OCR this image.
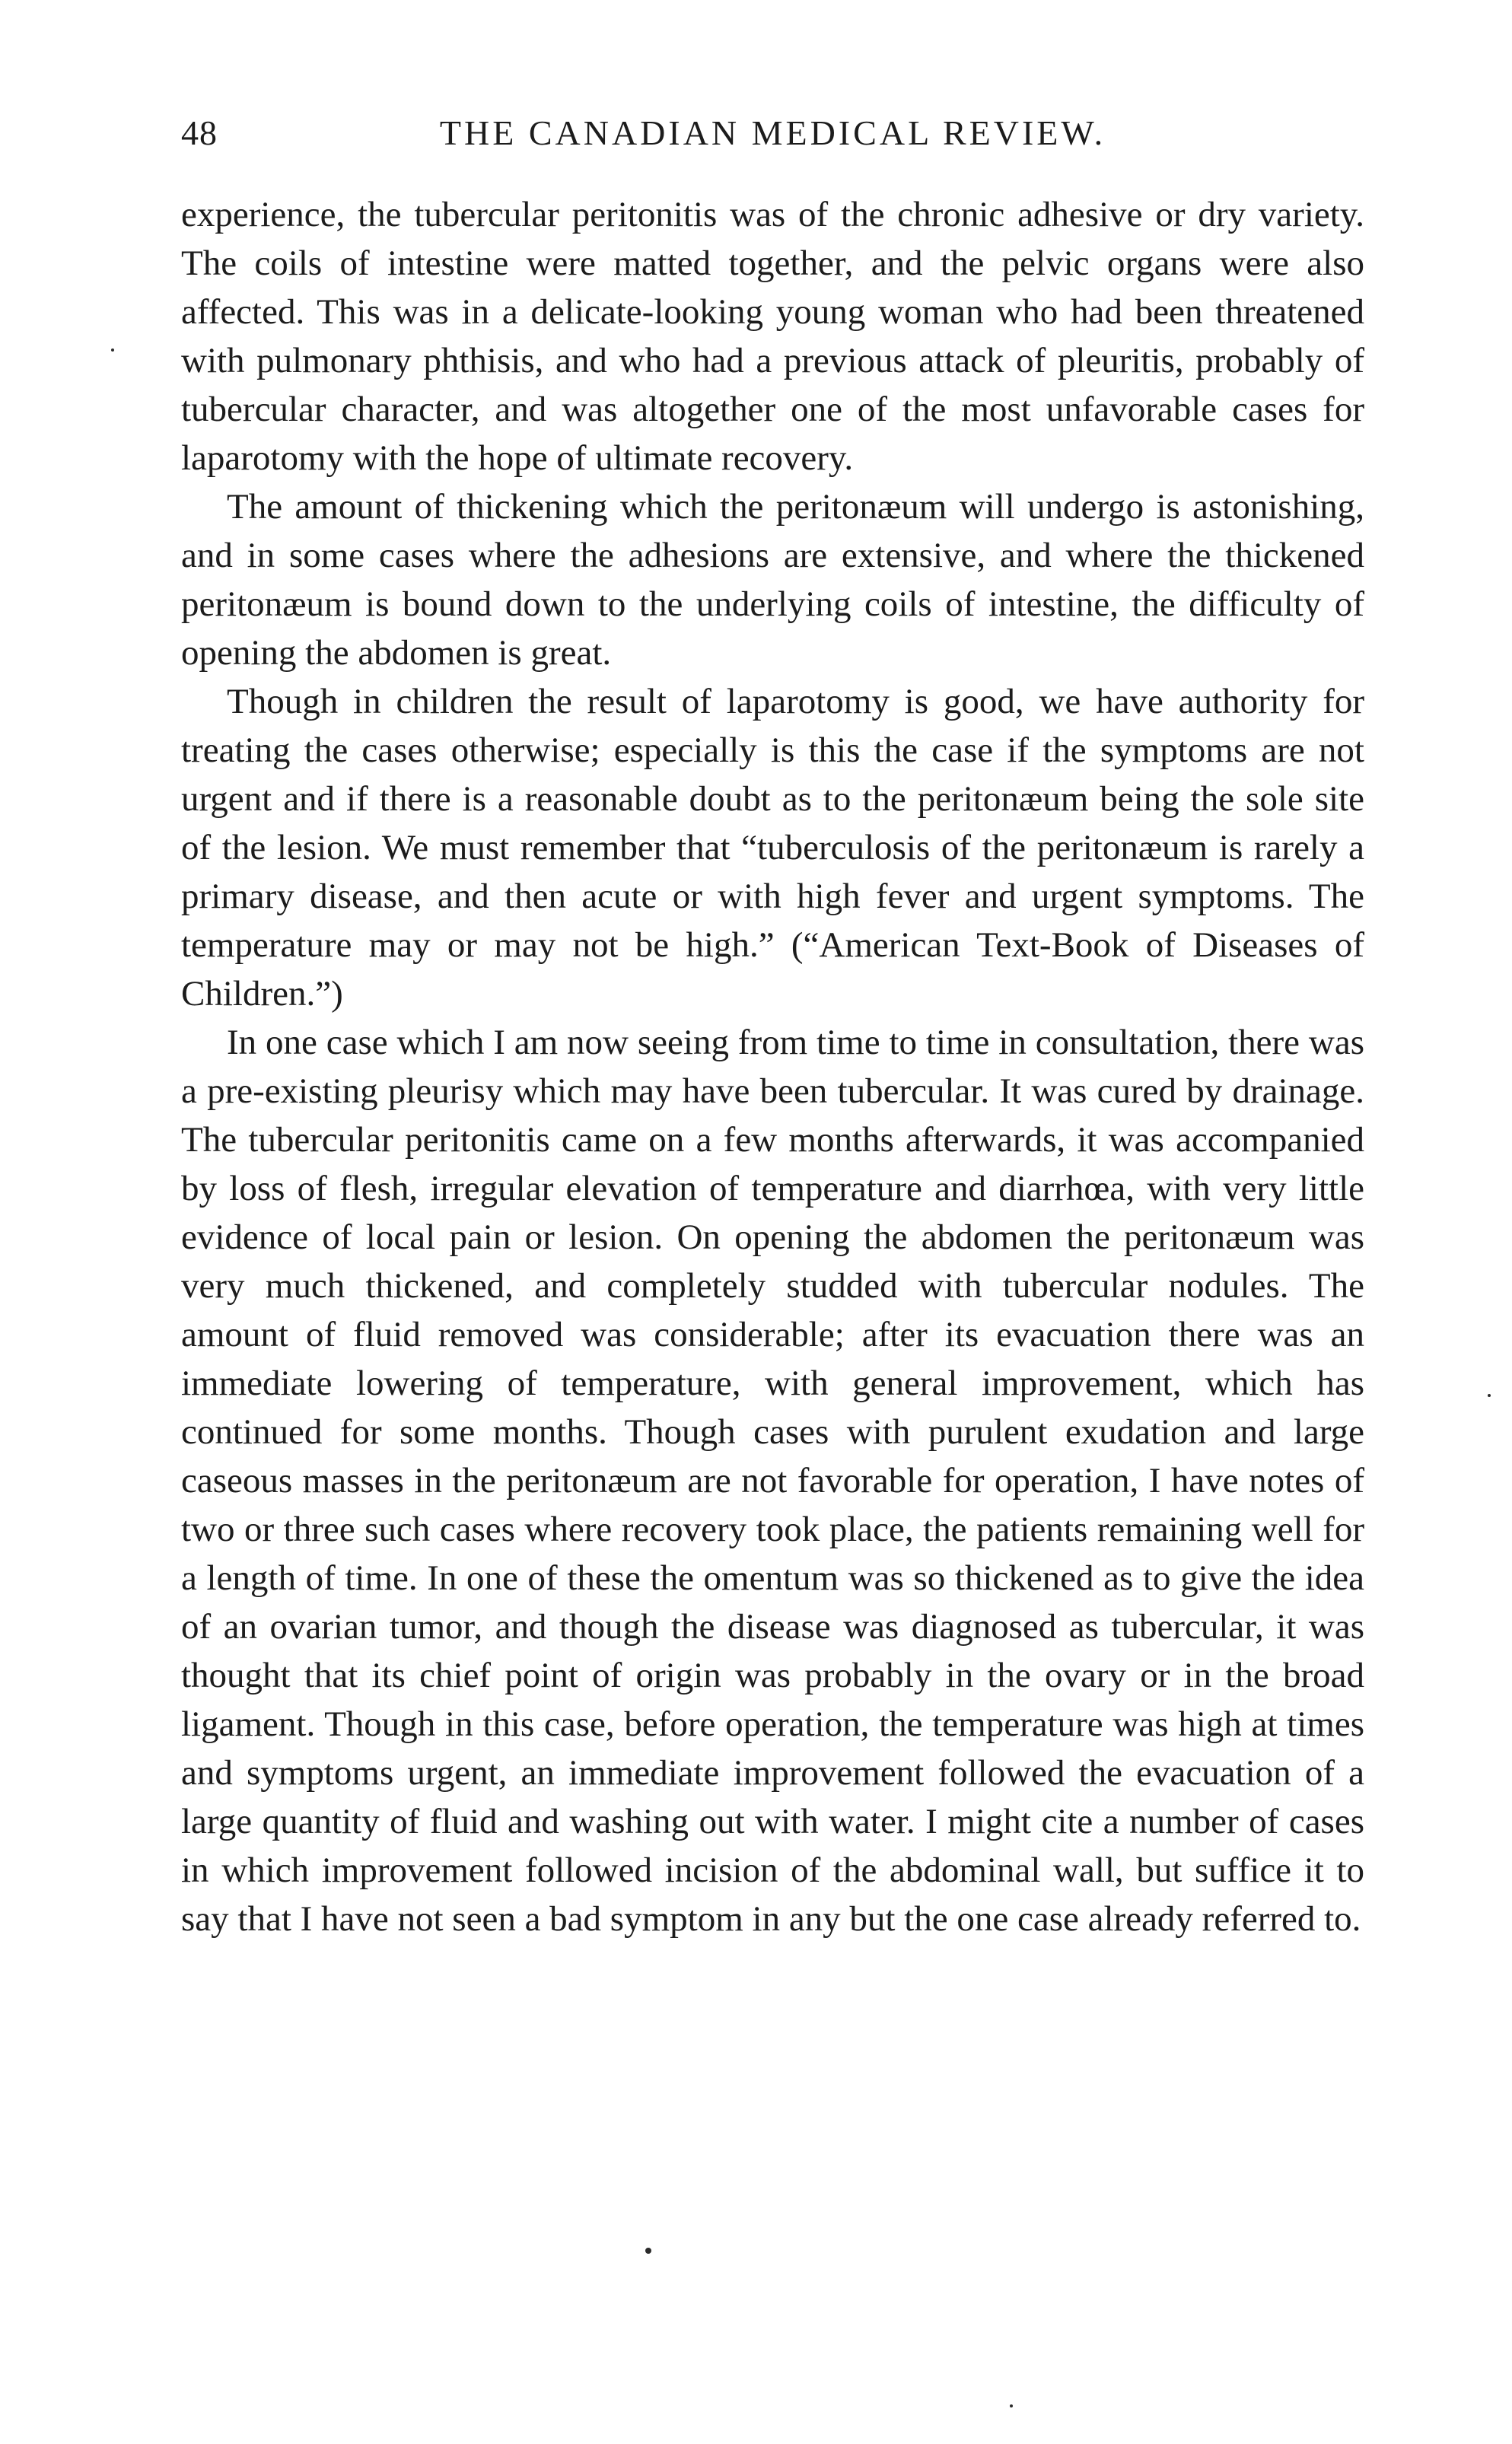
48	THE CANADIAN MEDICAL REVIEW.

experience, the tubercular peritonitis was of the chronic adhesive or dry variety. The coils of intestine were matted together, and the pelvic organs were also affected. This was in a delicate-looking young woman who had been threatened with pulmonary phthisis, and who had a previous attack of pleuritis, probably of tubercular character, and was altogether one of the most unfavorable cases for laparotomy with the hope of ultimate recovery.

The amount of thickening which the peritonæum will undergo is astonishing, and in some cases where the adhesions are extensive, and where the thickened peritonæum is bound down to the underlying coils of intestine, the difficulty of opening the abdomen is great.

Though in children the result of laparotomy is good, we have authority for treating the cases otherwise; especially is this the case if the symptoms are not urgent and if there is a reasonable doubt as to the peritonæum being the sole site of the lesion. We must remember that “tuberculosis of the peritonæum is rarely a primary disease, and then acute or with high fever and urgent symptoms. The temperature may or may not be high.” (“American Text-Book of Diseases of Children.”)

In one case which I am now seeing from time to time in consultation, there was a pre-existing pleurisy which may have been tubercular. It was cured by drainage. The tubercular peritonitis came on a few months afterwards, it was accompanied by loss of flesh, irregular elevation of temperature and diarrhœa, with very little evidence of local pain or lesion. On opening the abdomen the peritonæum was very much thickened, and completely studded with tubercular nodules. The amount of fluid removed was considerable; after its evacuation there was an immediate lowering of temperature, with general improvement, which has continued for some months. Though cases with purulent exudation and large caseous masses in the peritonæum are not favorable for operation, I have notes of two or three such cases where recovery took place, the patients remaining well for a length of time. In one of these the omentum was so thickened as to give the idea of an ovarian tumor, and though the disease was diagnosed as tubercular, it was thought that its chief point of origin was probably in the ovary or in the broad ligament. Though in this case, before operation, the temperature was high at times and symptoms urgent, an immediate improvement followed the evacuation of a large quantity of fluid and washing out with water. I might cite a number of cases in which improvement followed incision of the abdominal wall, but suffice it to say that I have not seen a bad symptom in any but the one case already referred to.
